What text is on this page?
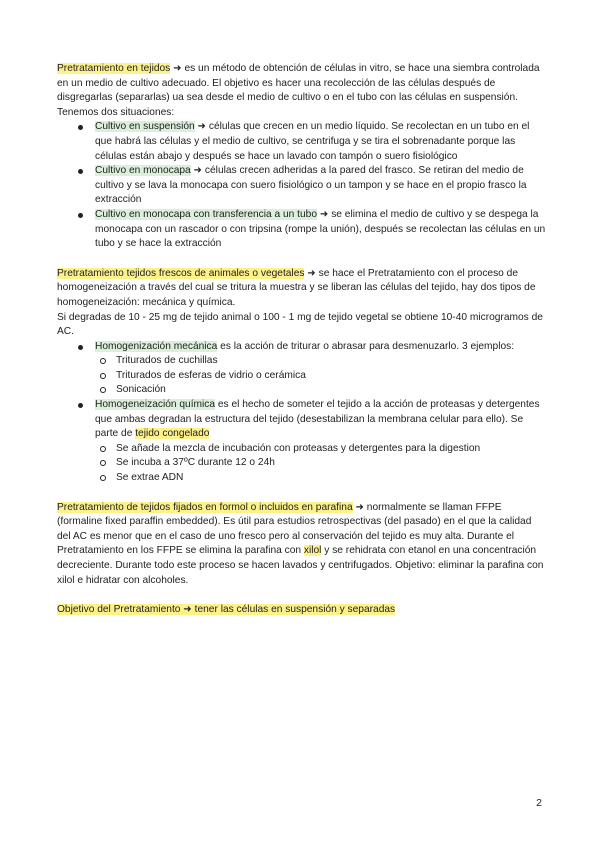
Pretratamiento en tejidos ➜ es un método de obtención de células in vitro, se hace una siembra controlada en un medio de cultivo adecuado. El objetivo es hacer una recolección de las células después de disgregarlas (separarlas) ua sea desde el medio de cultivo o en el tubo con las células en suspensión. Tenemos dos situaciones:

Cultivo en suspensión ➜ células que crecen en un medio líquido. Se recolectan en un tubo en el que habrá las células y el medio de cultivo, se centrifuga y se tira el sobrenadante porque las células están abajo y después se hace un lavado con tampón o suero fisiológico
Cultivo en monocapa ➜ células crecen adheridas a la pared del frasco. Se retiran del medio de cultivo y se lava la monocapa con suero fisiológico o un tampon y se hace en el propio frasco la extracción
Cultivo en monocapa con transferencia a un tubo ➜ se elimina el medio de cultivo y se despega la monocapa con un rascador o con tripsina (rompe la unión), después se recolectan las células en un tubo y se hace la extracción

Pretratamiento tejidos frescos de animales o vegetales ➜ se hace el Pretratamiento con el proceso de homogeneización a través del cual se tritura la muestra y se liberan las células del tejido, hay dos tipos de homogeneización: mecánica y química.

Si degradas de 10 - 25 mg de tejido animal o 100 - 1 mg de tejido vegetal se obtiene 10-40 microgramos de AC.

Homogenización mecánica es la acción de triturar o abrasar para desmenuzarlo. 3 ejemplos:
Triturados de cuchillas
Triturados de esferas de vidrio o cerámica
Sonicación
Homogeneización química es el hecho de someter el tejido a la acción de proteasas y detergentes que ambas degradan la estructura del tejido (desestabilizan la membrana celular para ello). Se parte de tejido congelado
Se añade la mezcla de incubación con proteasas y detergentes para la digestion
Se incuba a 37ºC durante 12 o 24h
Se extrae ADN

Pretratamiento de tejidos fijados en formol o incluidos en parafina ➜ normalmente se llaman FFPE (formaline fixed paraffin embedded). Es útil para estudios retrospectivas (del pasado) en el que la calidad del AC es menor que en el caso de uno fresco pero al conservación del tejido es muy alta. Durante el Pretratamiento en los FFPE se elimina la parafina con xilol y se rehidrata con etanol en una concentración decreciente. Durante todo este proceso se hacen lavados y centrifugados. Objetivo: eliminar la parafina con xilol e hidratar con alcoholes.

Objetivo del Pretratamiento ➜ tener las células en suspensión y separadas

2
